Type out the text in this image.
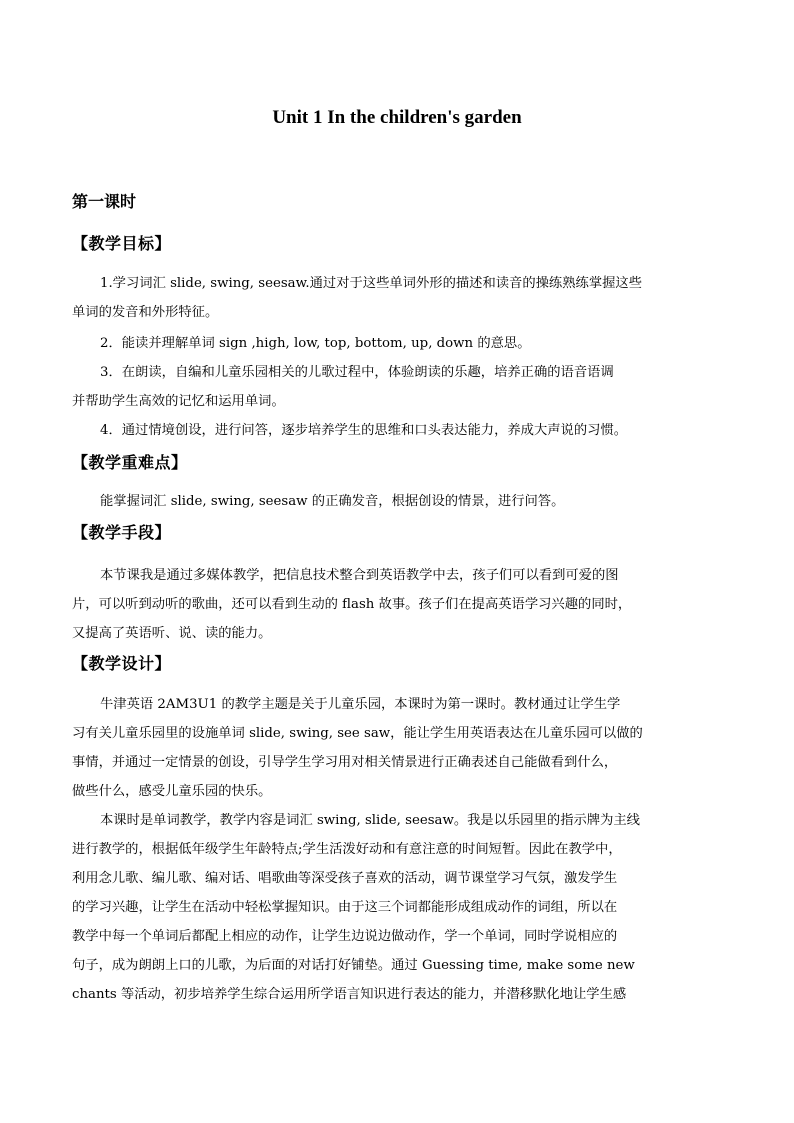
Unit 1 In the children's garden
第一课时
【教学目标】
1.学习词汇 slide, swing, seesaw.通过对于这些单词外形的描述和读音的操练熟练掌握这些
单词的发音和外形特征。
2．能读并理解单词 sign ,high, low, top, bottom, up, down 的意思。
3．在朗读，自编和儿童乐园相关的儿歌过程中，体验朗读的乐趣，培养正确的语音语调
并帮助学生高效的记忆和运用单词。
4．通过情境创设，进行问答，逐步培养学生的思维和口头表达能力，养成大声说的习惯。
【教学重难点】
能掌握词汇 slide, swing, seesaw 的正确发音，根据创设的情景，进行问答。
【教学手段】
本节课我是通过多媒体教学，把信息技术整合到英语教学中去，孩子们可以看到可爱的图
片，可以听到动听的歌曲，还可以看到生动的 flash 故事。孩子们在提高英语学习兴趣的同时，
又提高了英语听、说、读的能力。
【教学设计】
牛津英语 2AM3U1 的教学主题是关于儿童乐园，本课时为第一课时。教材通过让学生学
习有关儿童乐园里的设施单词 slide, swing, see saw，能让学生用英语表达在儿童乐园可以做的
事情，并通过一定情景的创设，引导学生学习用对相关情景进行正确表述自己能做看到什么，
做些什么，感受儿童乐园的快乐。
本课时是单词教学，教学内容是词汇 swing, slide, seesaw。我是以乐园里的指示牌为主线
进行教学的，根据低年级学生年龄特点;学生活泼好动和有意注意的时间短暂。因此在教学中，
利用念儿歌、编儿歌、编对话、唱歌曲等深受孩子喜欢的活动，调节课堂学习气氛，激发学生
的学习兴趣，让学生在活动中轻松掌握知识。由于这三个词都能形成组成动作的词组，所以在
教学中每一个单词后都配上相应的动作，让学生边说边做动作，学一个单词，同时学说相应的
句子，成为朗朗上口的儿歌，为后面的对话打好铺垫。通过 Guessing time, make some new
chants 等活动，初步培养学生综合运用所学语言知识进行表达的能力，并潜移默化地让学生感
